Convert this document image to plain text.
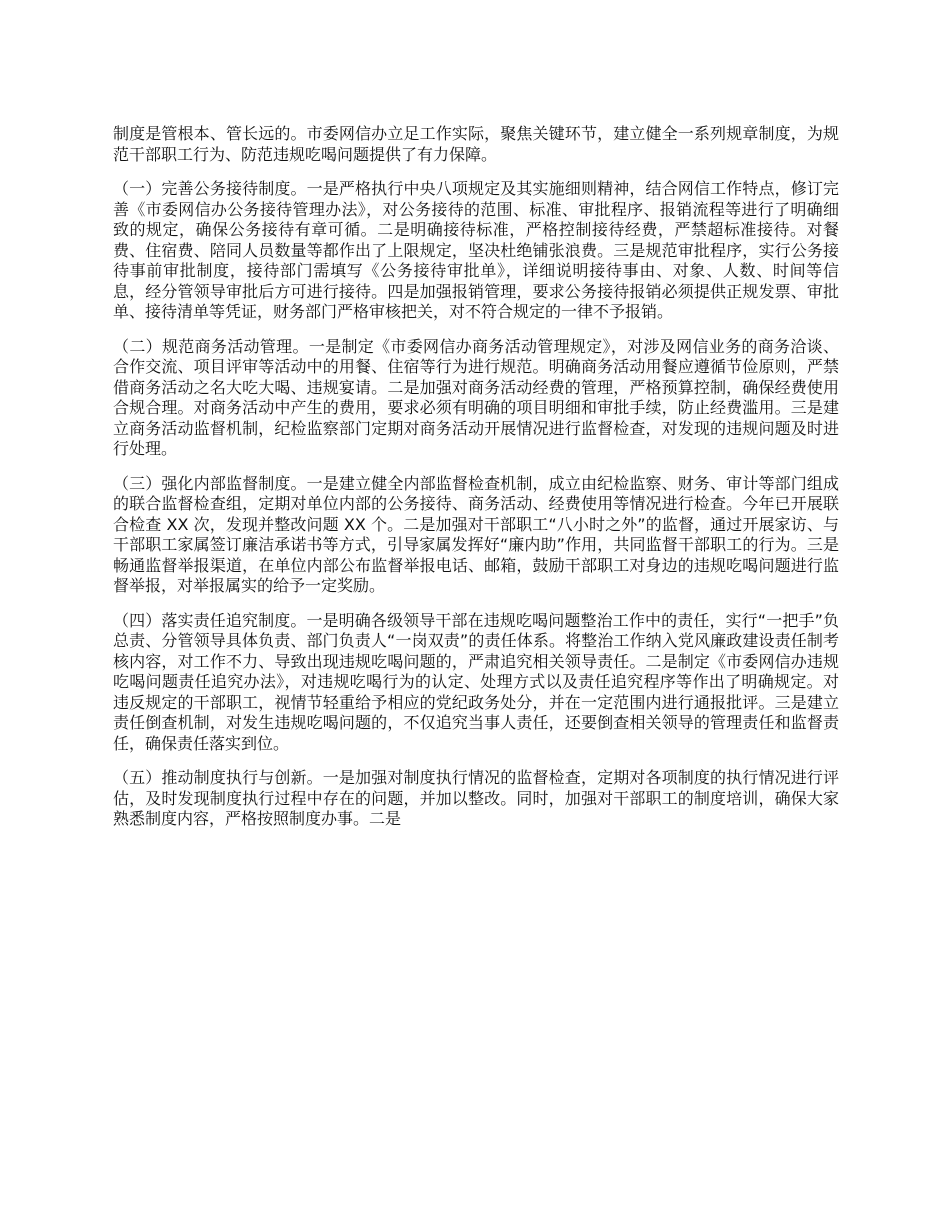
制度是管根本、管长远的。市委网信办立足工作实际，聚焦关键环节，建立健全一系列规章制度，为规范干部职工行为、防范违规吃喝问题提供了有力保障。

（一）完善公务接待制度。一是严格执行中央八项规定及其实施细则精神，结合网信工作特点，修订完善《市委网信办公务接待管理办法》，对公务接待的范围、标准、审批程序、报销流程等进行了明确细致的规定，确保公务接待有章可循。二是明确接待标准，严格控制接待经费，严禁超标准接待。对餐费、住宿费、陪同人员数量等都作出了上限规定，坚决杜绝铺张浪费。三是规范审批程序，实行公务接待事前审批制度，接待部门需填写《公务接待审批单》，详细说明接待事由、对象、人数、时间等信息，经分管领导审批后方可进行接待。四是加强报销管理，要求公务接待报销必须提供正规发票、审批单、接待清单等凭证，财务部门严格审核把关，对不符合规定的一律不予报销。

（二）规范商务活动管理。一是制定《市委网信办商务活动管理规定》，对涉及网信业务的商务洽谈、合作交流、项目评审等活动中的用餐、住宿等行为进行规范。明确商务活动用餐应遵循节俭原则，严禁借商务活动之名大吃大喝、违规宴请。二是加强对商务活动经费的管理，严格预算控制，确保经费使用合规合理。对商务活动中产生的费用，要求必须有明确的项目明细和审批手续，防止经费滥用。三是建立商务活动监督机制，纪检监察部门定期对商务活动开展情况进行监督检查，对发现的违规问题及时进行处理。

（三）强化内部监督制度。一是建立健全内部监督检查机制，成立由纪检监察、财务、审计等部门组成的联合监督检查组，定期对单位内部的公务接待、商务活动、经费使用等情况进行检查。今年已开展联合检查 XX 次，发现并整改问题 XX 个。二是加强对干部职工“八小时之外”的监督，通过开展家访、与干部职工家属签订廉洁承诺书等方式，引导家属发挥好“廉内助”作用，共同监督干部职工的行为。三是畅通监督举报渠道，在单位内部公布监督举报电话、邮箱，鼓励干部职工对身边的违规吃喝问题进行监督举报，对举报属实的给予一定奖励。

（四）落实责任追究制度。一是明确各级领导干部在违规吃喝问题整治工作中的责任，实行“一把手”负总责、分管领导具体负责、部门负责人“一岗双责”的责任体系。将整治工作纳入党风廉政建设责任制考核内容，对工作不力、导致出现违规吃喝问题的，严肃追究相关领导责任。二是制定《市委网信办违规吃喝问题责任追究办法》，对违规吃喝行为的认定、处理方式以及责任追究程序等作出了明确规定。对违反规定的干部职工，视情节轻重给予相应的党纪政务处分，并在一定范围内进行通报批评。三是建立责任倒查机制，对发生违规吃喝问题的，不仅追究当事人责任，还要倒查相关领导的管理责任和监督责任，确保责任落实到位。

（五）推动制度执行与创新。一是加强对制度执行情况的监督检查，定期对各项制度的执行情况进行评估，及时发现制度执行过程中存在的问题，并加以整改。同时，加强对干部职工的制度培训，确保大家熟悉制度内容，严格按照制度办事。二是
